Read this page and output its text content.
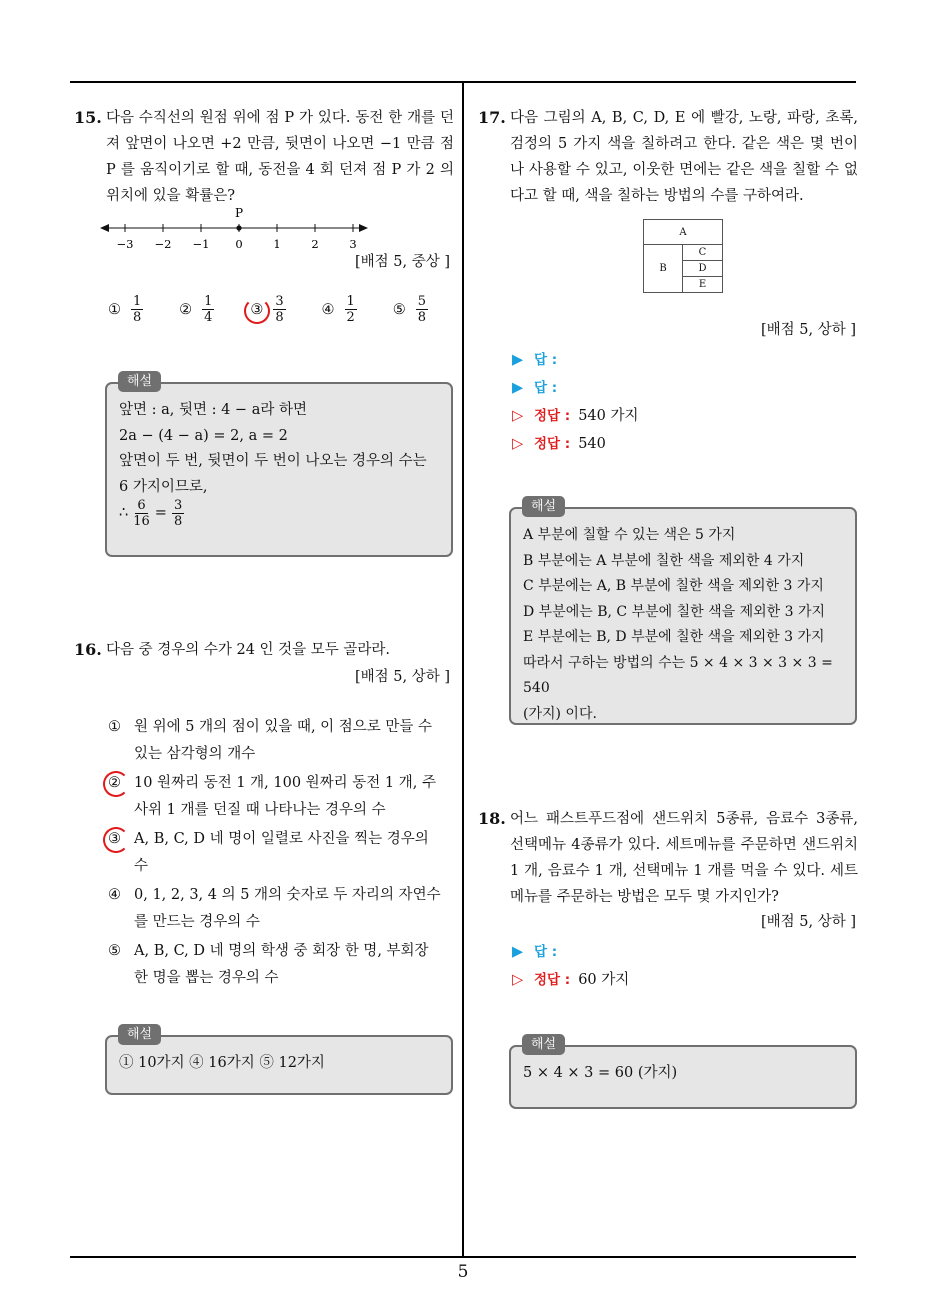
5
15. 다음 수직선의 원점 위에 점 P 가 있다. 동전 한 개를 던져 앞면이 나오면 +2 만큼, 뒷면이 나오면 −1 만큼 점 P 를 움직이기로 할 때, 동전을 4 회 던져 점 P 가 2 의 위치에 있을 확률은?
P
−3 −2 −1 0	1	2	3
[배점 5, 중상 ]
① $\frac{1}{8}$ ② $\frac{1}{4}$ ③ $\frac{3}{8}$ ④ $\frac{1}{2}$ ⑤ $\frac{5}{8}$
앞면 : a, 뒷면 : 4 − a라 하면
2a − (4 − a) = 2, a = 2
앞면이 두 번, 뒷면이 두 번이 나오는 경우의 수는
6 가지이므로,
∴ $\frac{6}{16} = \frac{3}{8}$
해설
16. 다음 중 경우의 수가 24 인 것을 모두 골라라.
[배점 5, 상하 ]
① 원 위에 5 개의 점이 있을 때, 이 점으로 만들 수 있는 삼각형의 개수
② 10 원짜리 동전 1 개, 100 원짜리 동전 1 개, 주사위 1 개를 던질 때 나타나는 경우의 수
③ A, B, C, D 네 명이 일렬로 사진을 찍는 경우의 수
④ 0, 1, 2, 3, 4 의 5 개의 숫자로 두 자리의 자연수를 만드는 경우의 수
⑤ A, B, C, D 네 명의 학생 중 회장 한 명, 부회장 한 명을 뽑는 경우의 수
① 10가지 ④ 16가지 ⑤ 12가지
해설
17. 다음 그림의 A, B, C, D, E 에 빨강, 노랑, 파랑, 초록, 검정의 5 가지 색을 칠하려고 한다. 같은 색은 몇 번이나 사용할 수 있고, 이웃한 면에는 같은 색을 칠할 수 없다고 할 때, 색을 칠하는 방법의 수를 구하여라.
A
B	C
D
E
[배점 5, 상하 ]
▶ 답 :
▶ 답 :
▷ 정답 : 540 가지
▷ 정답 : 540
A 부분에 칠할 수 있는 색은 5 가지
B 부분에는 A 부분에 칠한 색을 제외한 4 가지
C 부분에는 A, B 부분에 칠한 색을 제외한 3 가지
D 부분에는 B, C 부분에 칠한 색을 제외한 3 가지
E 부분에는 B, D 부분에 칠한 색을 제외한 3 가지
따라서 구하는 방법의 수는 5 × 4 × 3 × 3 × 3 = 540
(가지) 이다.
해설
18. 어느 패스트푸드점에 샌드위치 5종류, 음료수 3종류, 선택메뉴 4종류가 있다. 세트메뉴를 주문하면 샌드위치 1 개, 음료수 1 개, 선택메뉴 1 개를 먹을 수 있다. 세트메뉴를 주문하는 방법은 모두 몇 가지인가?
[배점 5, 상하 ]
▶ 답 :
▷ 정답 : 60 가지
5 × 4 × 3 = 60 (가지)
해설
